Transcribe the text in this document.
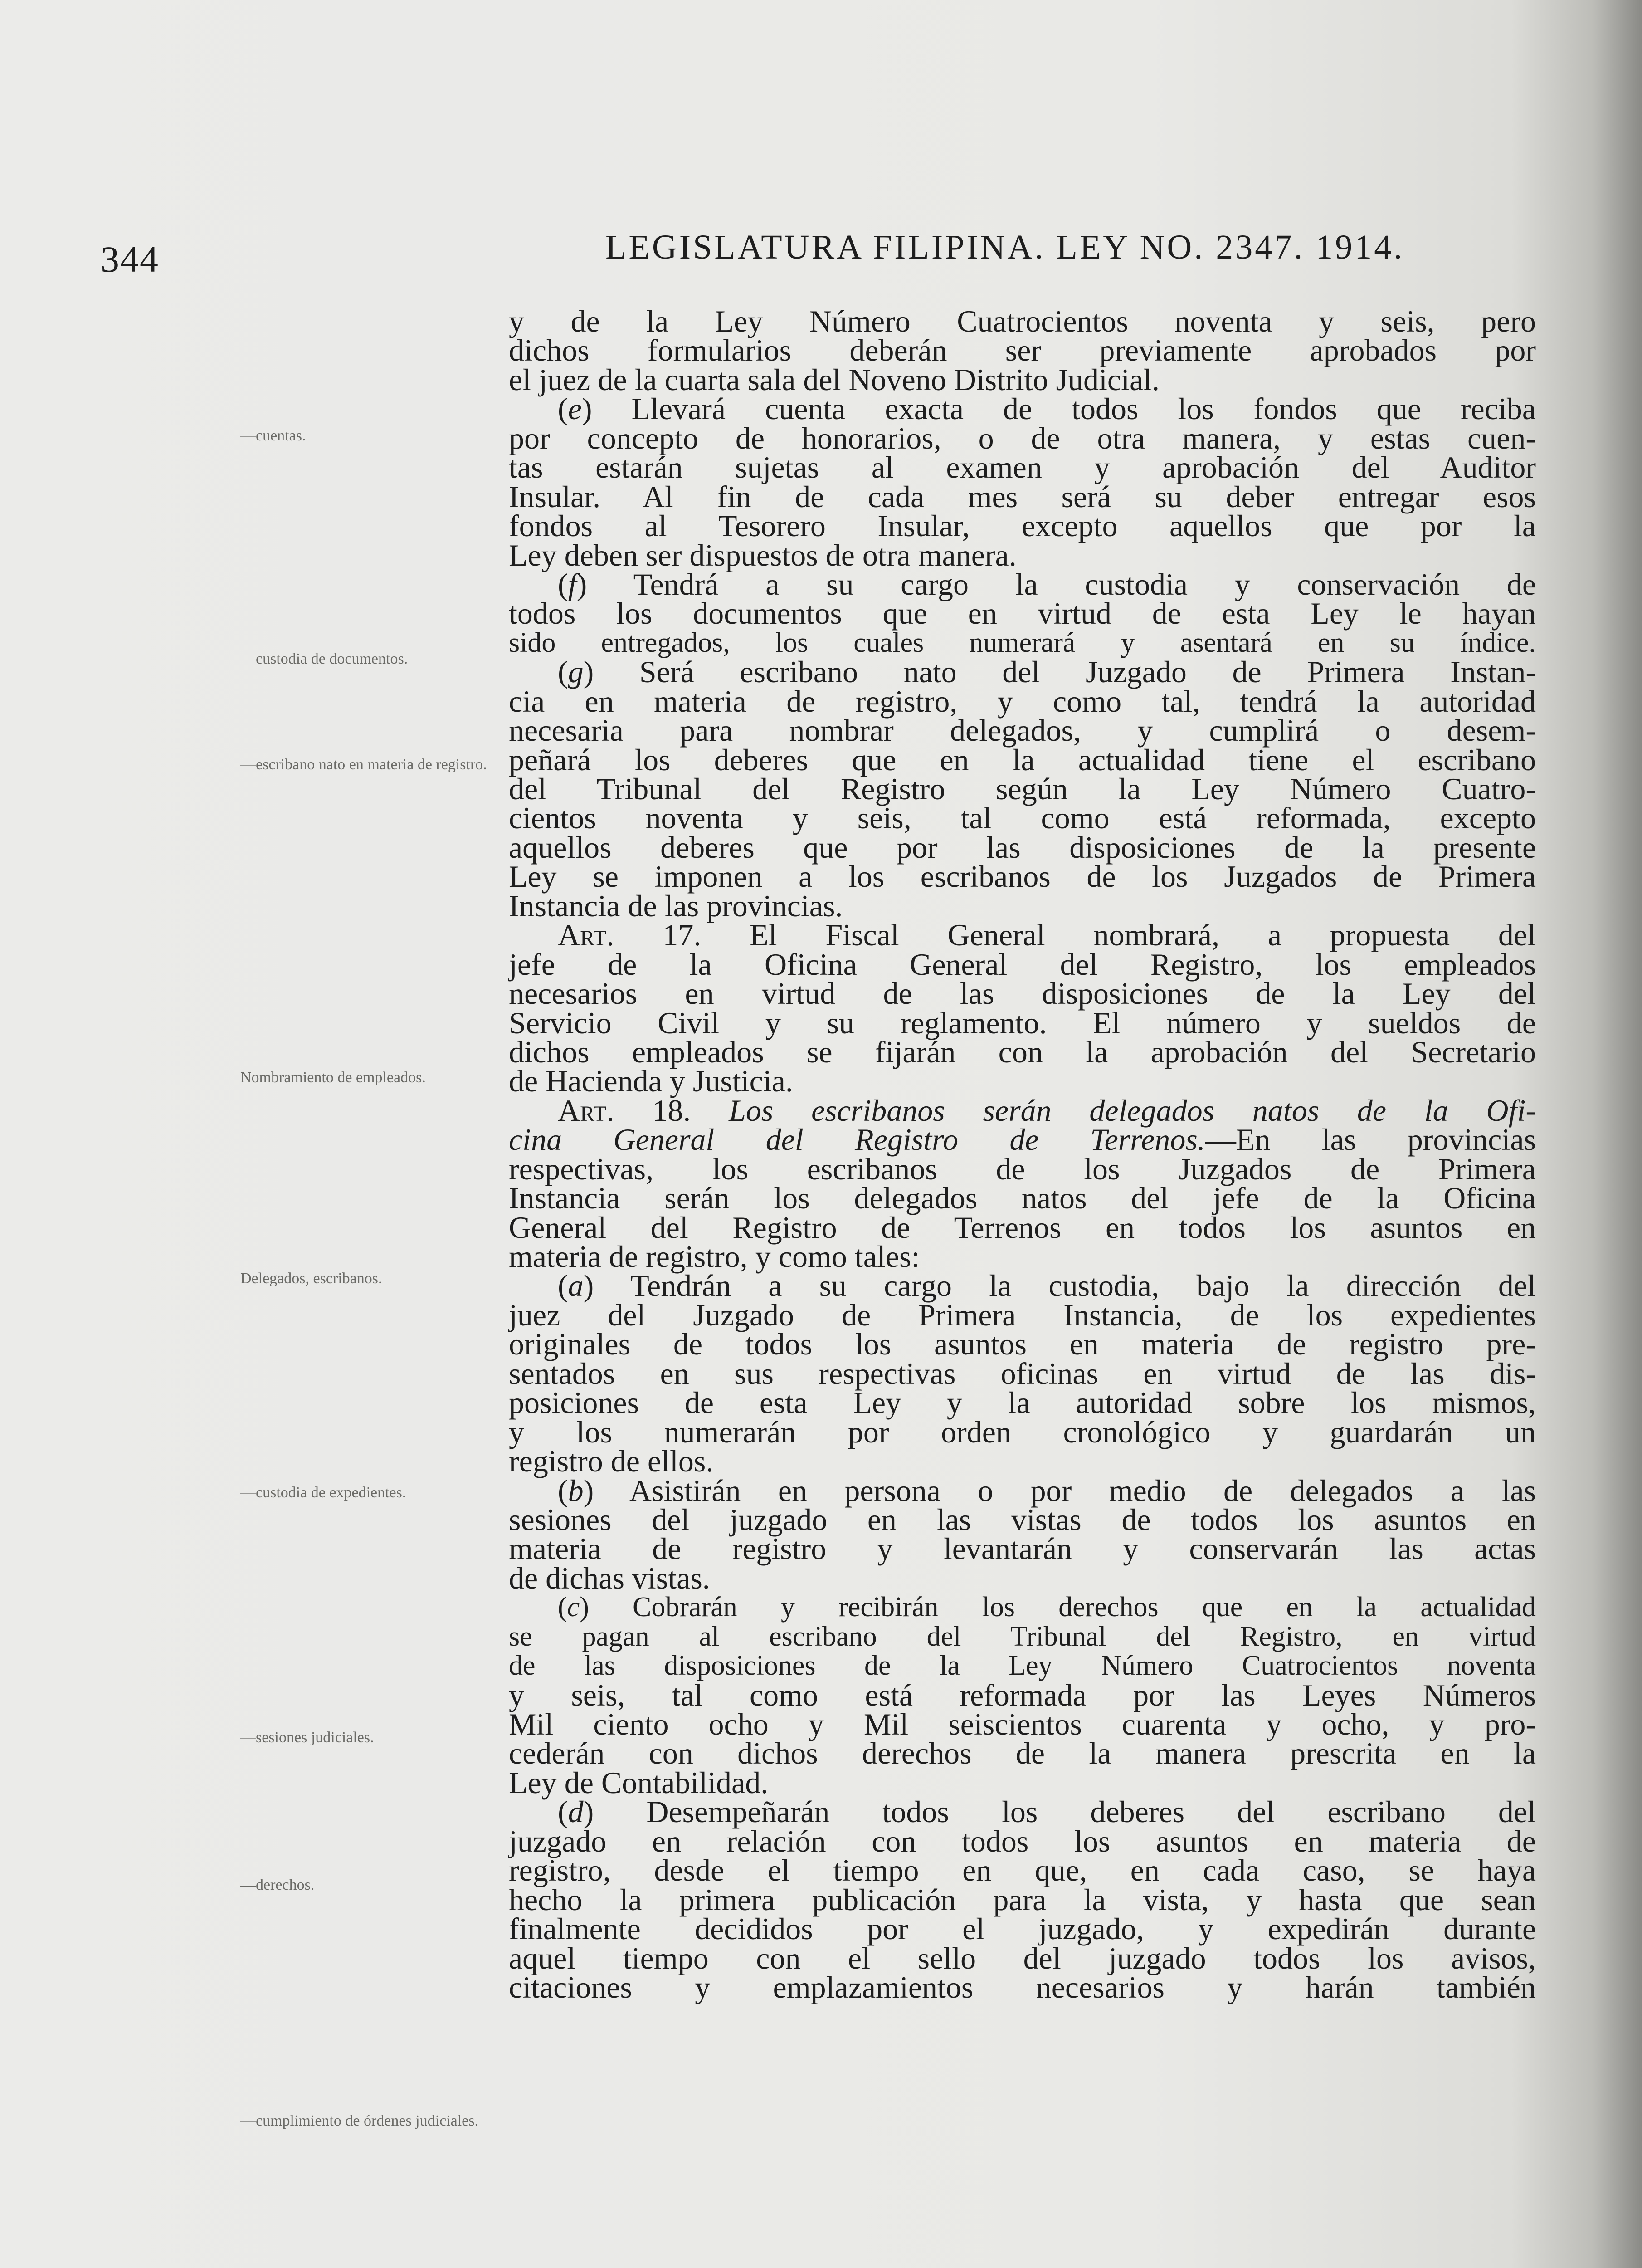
344	LEGISLATURA FILIPINA. LEY NO. 2347. 1914.
—cuentas.
—custodia de documentos.
—escribano nato en materia de registro.
Nombramiento de empleados.
Delegados, escribanos.
—custodia de expedientes.
—sesiones judiciales.
—derechos.
—cumplimiento de órdenes judiciales.
y de la Ley Número Cuatrocientos noventa y seis, pero
dichos formularios deberán ser previamente aprobados por
el juez de la cuarta sala del Noveno Distrito Judicial.
(e) Llevará cuenta exacta de todos los fondos que reciba
por concepto de honorarios, o de otra manera, y estas cuen-
tas estarán sujetas al examen y aprobación del Auditor
Insular. Al fin de cada mes será su deber entregar esos
fondos al Tesorero Insular, excepto aquellos que por la
Ley deben ser dispuestos de otra manera.
(f) Tendrá a su cargo la custodia y conservación de
todos los documentos que en virtud de esta Ley le hayan
sido entregados, los cuales numerará y asentará en su índice.
(g) Será escribano nato del Juzgado de Primera Instan-
cia en materia de registro, y como tal, tendrá la autoridad
necesaria para nombrar delegados, y cumplirá o desem-
peñará los deberes que en la actualidad tiene el escribano
del Tribunal del Registro según la Ley Número Cuatro-
cientos noventa y seis, tal como está reformada, excepto
aquellos deberes que por las disposiciones de la presente
Ley se imponen a los escribanos de los Juzgados de Primera
Instancia de las provincias.
Art. 17. El Fiscal General nombrará, a propuesta del
jefe de la Oficina General del Registro, los empleados
necesarios en virtud de las disposiciones de la Ley del
Servicio Civil y su reglamento. El número y sueldos de
dichos empleados se fijarán con la aprobación del Secretario
de Hacienda y Justicia.
Art. 18. Los escribanos serán delegados natos de la Ofi-
cina General del Registro de Terrenos.—En las provincias
respectivas, los escribanos de los Juzgados de Primera
Instancia serán los delegados natos del jefe de la Oficina
General del Registro de Terrenos en todos los asuntos en
materia de registro, y como tales:
(a) Tendrán a su cargo la custodia, bajo la dirección del
juez del Juzgado de Primera Instancia, de los expedientes
originales de todos los asuntos en materia de registro pre-
sentados en sus respectivas oficinas en virtud de las dis-
posiciones de esta Ley y la autoridad sobre los mismos,
y los numerarán por orden cronológico y guardarán un
registro de ellos.
(b) Asistirán en persona o por medio de delegados a las
sesiones del juzgado en las vistas de todos los asuntos en
materia de registro y levantarán y conservarán las actas
de dichas vistas.
(c) Cobrarán y recibirán los derechos que en la actualidad
se pagan al escribano del Tribunal del Registro, en virtud
de las disposiciones de la Ley Número Cuatrocientos noventa
y seis, tal como está reformada por las Leyes Números
Mil ciento ocho y Mil seiscientos cuarenta y ocho, y pro-
cederán con dichos derechos de la manera prescrita en la
Ley de Contabilidad.
(d) Desempeñarán todos los deberes del escribano del
juzgado en relación con todos los asuntos en materia de
registro, desde el tiempo en que, en cada caso, se haya
hecho la primera publicación para la vista, y hasta que sean
finalmente decididos por el juzgado, y expedirán durante
aquel tiempo con el sello del juzgado todos los avisos,
citaciones y emplazamientos necesarios y harán también
